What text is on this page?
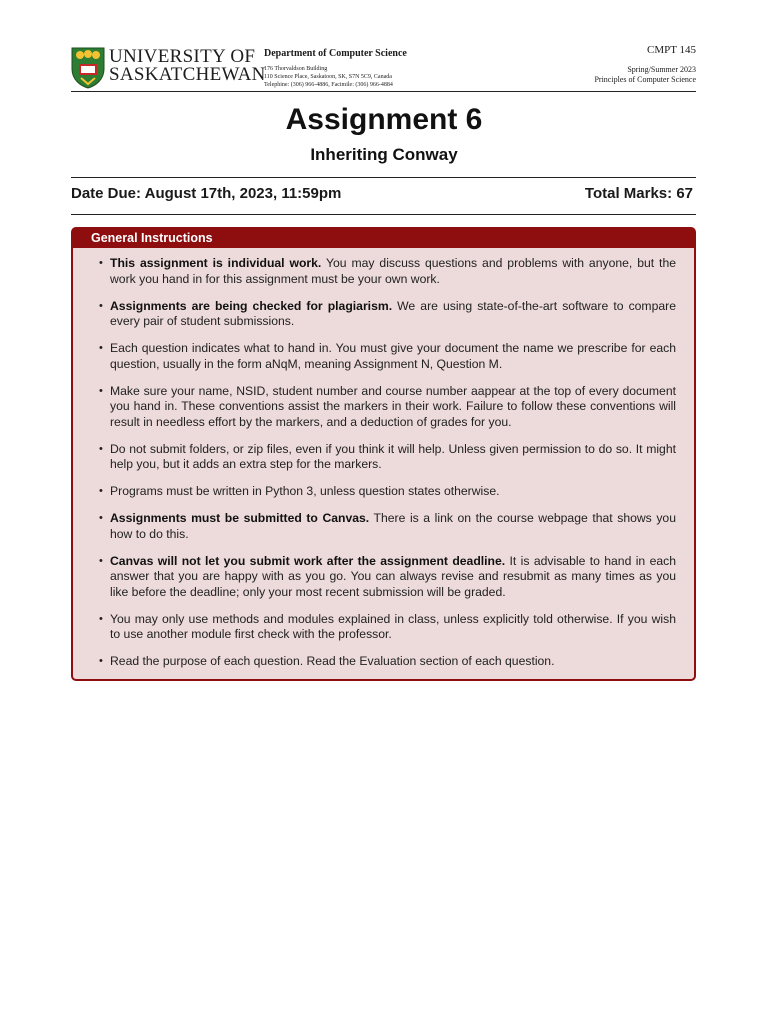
UNIVERSITY OF
SASKATCHEWAN
Department of Computer Science
176 Thorvaldson Building
110 Science Place, Saskatoon, SK, S7N 5C9, Canada
Telephine: (306) 966-4886, Facimile: (306) 966-4884
CMPT 145
Spring/Summer 2023
Principles of Computer Science
Assignment 6
Inheriting Conway
Date Due: August 17th, 2023, 11:59pm	Total Marks: 67
General Instructions
• This assignment is individual work. You may discuss questions and problems with anyone, but the work you hand in for this assignment must be your own work.
• Assignments are being checked for plagiarism. We are using state-of-the-art software to compare every pair of student submissions.
• Each question indicates what to hand in. You must give your document the name we prescribe for each question, usually in the form aNqM, meaning Assignment N, Question M.
• Make sure your name, NSID, student number and course number aappear at the top of every document you hand in. These conventions assist the markers in their work. Failure to follow these conventions will result in needless effort by the markers, and a deduction of grades for you.
• Do not submit folders, or zip files, even if you think it will help. Unless given permission to do so. It might help you, but it adds an extra step for the markers.
• Programs must be written in Python 3, unless question states otherwise.
• Assignments must be submitted to Canvas. There is a link on the course webpage that shows you how to do this.
• Canvas will not let you submit work after the assignment deadline. It is advisable to hand in each answer that you are happy with as you go. You can always revise and resubmit as many times as you like before the deadline; only your most recent submission will be graded.
• You may only use methods and modules explained in class, unless explicitly told otherwise. If you wish to use another module first check with the professor.
• Read the purpose of each question. Read the Evaluation section of each question.
